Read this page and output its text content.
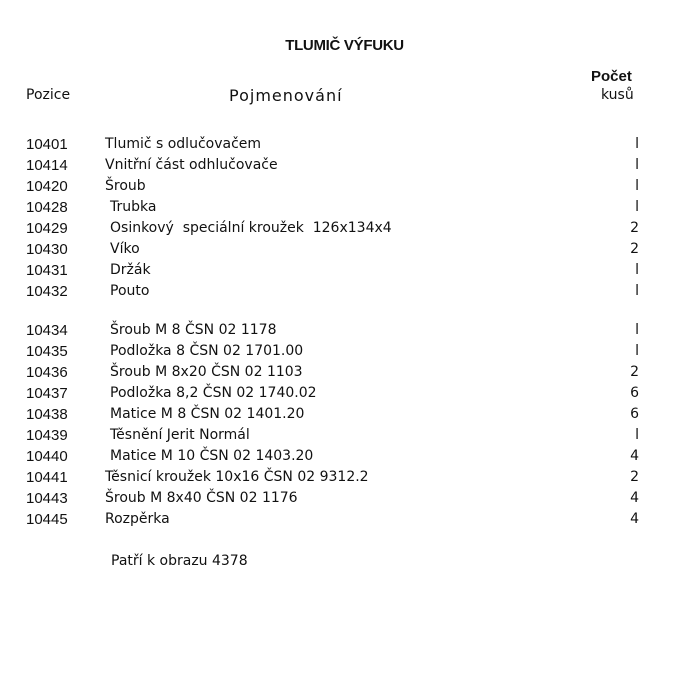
TLUMIČ VÝFUKU
Pozice	Pojmenování
Počet
kusů
10401	Tlumič s odlučovačem	l
10414	Vnitřní část odhlučovače	l
10420	Šroub	l
10428	Trubka	l
10429	Osinkový  speciální kroužek  126x134x4	2
10430	Víko	2
10431	Držák	l
10432	Pouto	l
10434	Šroub M 8 ČSN 02 1178	l
10435	Podložka 8 ČSN 02 1701.00	l
10436	Šroub M 8x20 ČSN 02 1103	2
10437	Podložka 8,2 ČSN 02 1740.02	6
10438	Matice M 8 ČSN 02 1401.20	6
10439	Těsnění Jerit Normál	l
10440	Matice M 10 ČSN 02 1403.20	4
10441	Těsnicí kroužek 10x16 ČSN 02 9312.2	2
10443	Šroub M 8x40 ČSN 02 1176	4
10445	Rozpěrka	4
Patří k obrazu 4378
